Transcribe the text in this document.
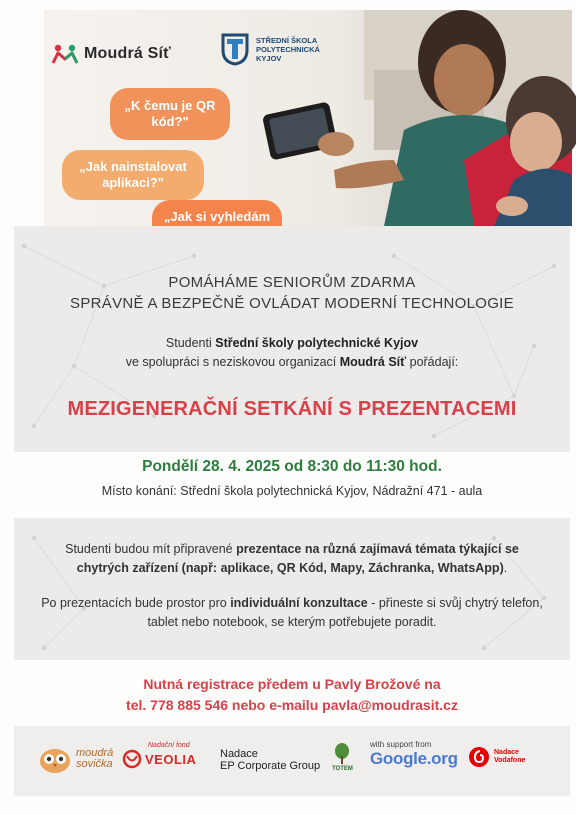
Moudrá Síť
STŘEDNÍ ŠKOLA POLYTECHNICKÁ KYJOV
„K čemu je QR kód?"
„Jak nainstalovat aplikaci?"
„Jak si vyhledám
POMÁHÁME SENIORŮM ZDARMA
SPRÁVNĚ A BEZPEČNĚ OVLÁDAT MODERNÍ TECHNOLOGIE
Studenti Střední školy polytechnické Kyjov
ve spolupráci s neziskovou organizací Moudrá Síť pořádají:
MEZIGENERAČNÍ SETKÁNÍ S PREZENTACEMI
Pondělí 28. 4. 2025 od 8:30 do 11:30 hod.
Místo konání: Střední škola polytechnická Kyjov, Nádražní 471 - aula
Studenti budou mít připravené prezentace na různá zajímavá témata týkající se chytrých zařízení (např: aplikace, QR Kód, Mapy, Záchranka, WhatsApp).
Po prezentacích bude prostor pro individuální konzultace - přineste si svůj chytrý telefon, tablet nebo notebook, se kterým potřebujete poradit.
Nutná registrace předem u Pavly Brožové na
tel. 778 885 546 nebo e-mailu pavla@moudrasit.cz
moudrá
sovička
Nadační fond
VEOLIA Nadace
EP Corporate Group TOTEM
with support from
Google.org	Nadace
Vodafone
